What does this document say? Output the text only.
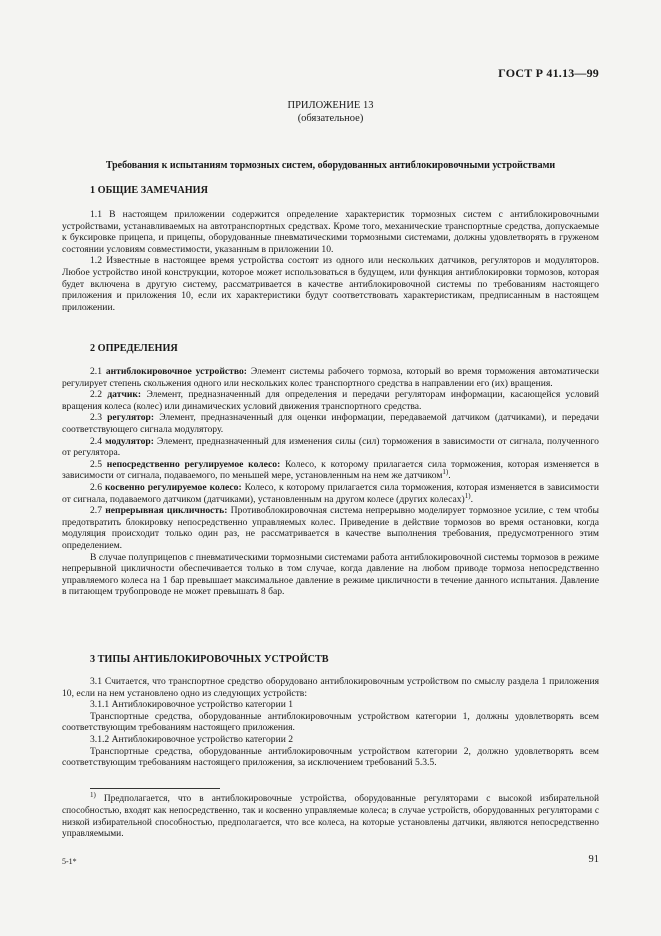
ГОСТ Р 41.13—99
ПРИЛОЖЕНИЕ 13
(обязательное)
Требования к испытаниям тормозных систем, оборудованных антиблокировочными устройствами
1 ОБЩИЕ ЗАМЕЧАНИЯ

1.1 В настоящем приложении содержится определение характеристик тормозных систем с антиблокировочными устройствами, устанавливаемых на автотранспортных средствах. Кроме того, механические транспортные средства, допускаемые к буксировке прицепа, и прицепы, оборудованные пневматическими тормозными системами, должны удовлетворять в груженом состоянии условиям совместимости, указанным в приложении 10.

1.2 Известные в настоящее время устройства состоят из одного или нескольких датчиков, регуляторов и модуляторов. Любое устройство иной конструкции, которое может использоваться в будущем, или функция антиблокировки тормозов, которая будет включена в другую систему, рассматривается в качестве антиблокировочной системы по требованиям настоящего приложения и приложения 10, если их характеристики будут соответствовать характеристикам, предписанным в настоящем приложении.

2 ОПРЕДЕЛЕНИЯ

2.1 антиблокировочное устройство: Элемент системы рабочего тормоза, который во время торможения автоматически регулирует степень скольжения одного или нескольких колес транспортного средства в направлении его (их) вращения.

2.2 датчик: Элемент, предназначенный для определения и передачи регуляторам информации, касающейся условий вращения колеса (колес) или динамических условий движения транспортного средства.

2.3 регулятор: Элемент, предназначенный для оценки информации, передаваемой датчиком (датчиками), и передачи соответствующего сигнала модулятору.

2.4 модулятор: Элемент, предназначенный для изменения силы (сил) торможения в зависимости от сигнала, полученного от регулятора.

2.5 непосредственно регулируемое колесо: Колесо, к которому прилагается сила торможения, которая изменяется в зависимости от сигнала, подаваемого, по меньшей мере, установленным на нем же датчиком$^{1)}$.

2.6 косвенно регулируемое колесо: Колесо, к которому прилагается сила торможения, которая изменяется в зависимости от сигнала, подаваемого датчиком (датчиками), установленным на другом колесе (других колесах)$^{1)}$.

2.7 непрерывная цикличность: Противоблокировочная система непрерывно моделирует тормозное усилие, с тем чтобы предотвратить блокировку непосредственно управляемых колес. Приведение в действие тормозов во время остановки, когда модуляция происходит только один раз, не рассматривается в качестве выполнения требования, предусмотренного этим определением.

В случае полуприцепов с пневматическими тормозными системами работа антиблокировочной системы тормозов в режиме непрерывной цикличности обеспечивается только в том случае, когда давление на любом приводе тормоза непосредственно управляемого колеса на 1 бар превышает максимальное давление в режиме цикличности в течение данного испытания. Давление в питающем трубопроводе не может превышать 8 бар.

3 ТИПЫ АНТИБЛОКИРОВОЧНЫХ УСТРОЙСТВ

3.1 Считается, что транспортное средство оборудовано антиблокировочным устройством по смыслу раздела 1 приложения 10, если на нем установлено одно из следующих устройств:

3.1.1 Антиблокировочное устройство категории 1

Транспортные средства, оборудованные антиблокировочным устройством категории 1, должны удовлетворять всем соответствующим требованиям настоящего приложения.

3.1.2 Антиблокировочное устройство категории 2

Транспортные средства, оборудованные антиблокировочным устройством категории 2, должно удовлетворять всем соответствующим требованиям настоящего приложения, за исключением требований 5.3.5.

$^{1)}$ Предполагается, что в антиблокировочные устройства, оборудованные регуляторами с высокой избирательной способностью, входят как непосредственно, так и косвенно управляемые колеса; в случае устройств, оборудованных регуляторами с низкой избирательной способностью, предполагается, что все колеса, на которые установлены датчики, являются непосредственно управляемыми.

5-1*	91
